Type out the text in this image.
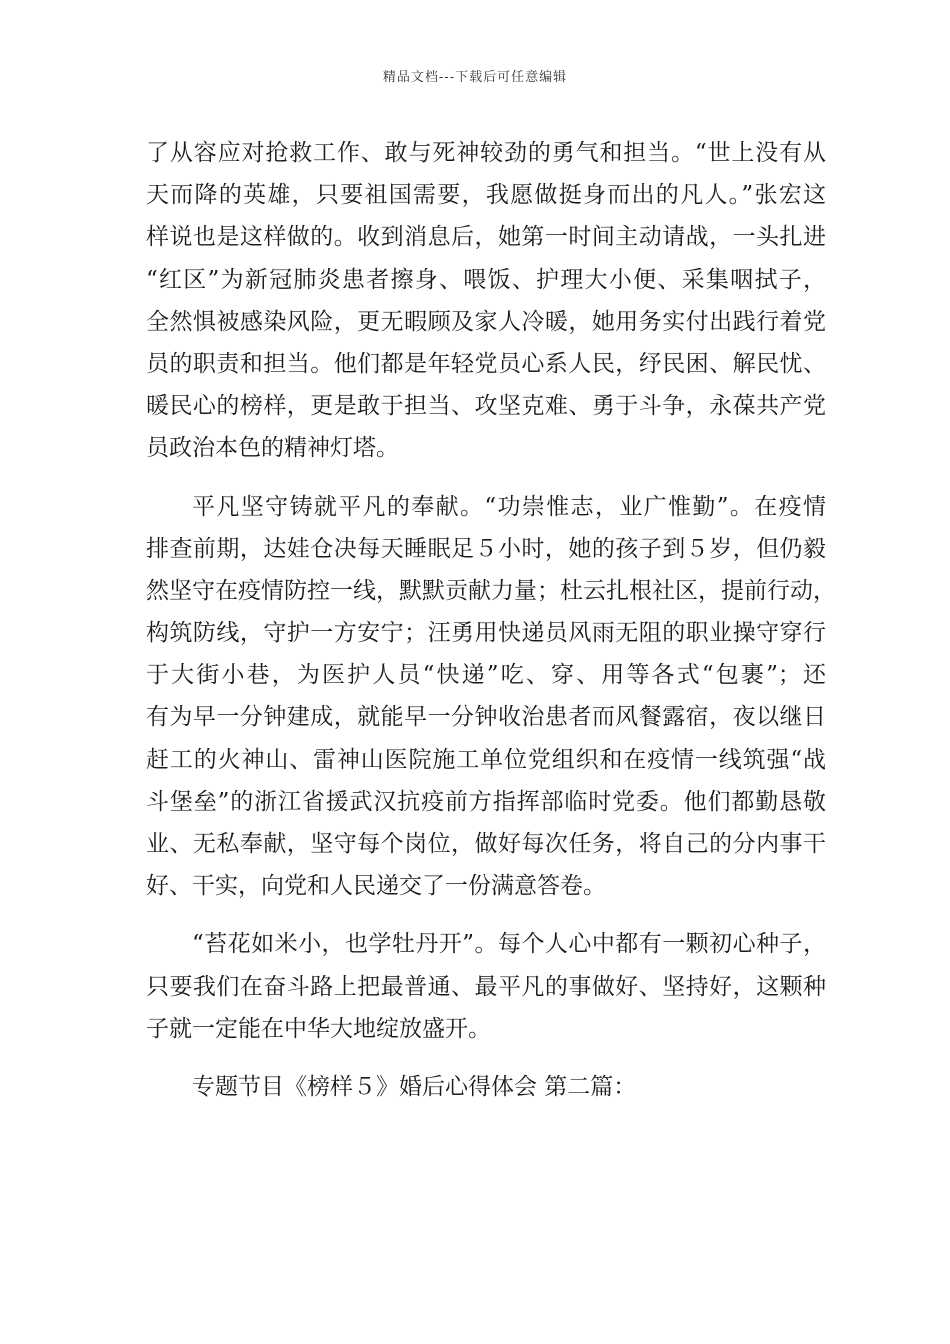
精品文档---下载后可任意编辑
了从容应对抢救工作、敢与死神较劲的勇气和担当。“世上没有从
天而降的英雄，只要祖国需要，我愿做挺身而出的凡人。”张宏这
样说也是这样做的。收到消息后，她第一时间主动请战，一头扎进
“红区”为新冠肺炎患者擦身、喂饭、护理大小便、采集咽拭子，
全然惧被感染风险，更无暇顾及家人冷暖，她用务实付出践行着党
员的职责和担当。他们都是年轻党员心系人民，纾民困、解民忧、
暖民心的榜样，更是敢于担当、攻坚克难、勇于斗争，永葆共产党
员政治本色的精神灯塔。
平凡坚守铸就平凡的奉献。“功崇惟志，业广惟勤”。在疫情
排查前期，达娃仓决每天睡眠足５小时，她的孩子到５岁，但仍毅
然坚守在疫情防控一线，默默贡献力量；杜云扎根社区，提前行动，
构筑防线，守护一方安宁；汪勇用快递员风雨无阻的职业操守穿行
于大街小巷，为医护人员“快递”吃、穿、用等各式“包裹”；还
有为早一分钟建成，就能早一分钟收治患者而风餐露宿，夜以继日
赶工的火神山、雷神山医院施工单位党组织和在疫情一线筑强“战
斗堡垒”的浙江省援武汉抗疫前方指挥部临时党委。他们都勤恳敬
业、无私奉献，坚守每个岗位，做好每次任务，将自己的分内事干
好、干实，向党和人民递交了一份满意答卷。
“苔花如米小，也学牡丹开”。每个人心中都有一颗初心种子，
只要我们在奋斗路上把最普通、最平凡的事做好、坚持好，这颗种
子就一定能在中华大地绽放盛开。
专题节目《榜样５》婚后心得体会 第二篇：
